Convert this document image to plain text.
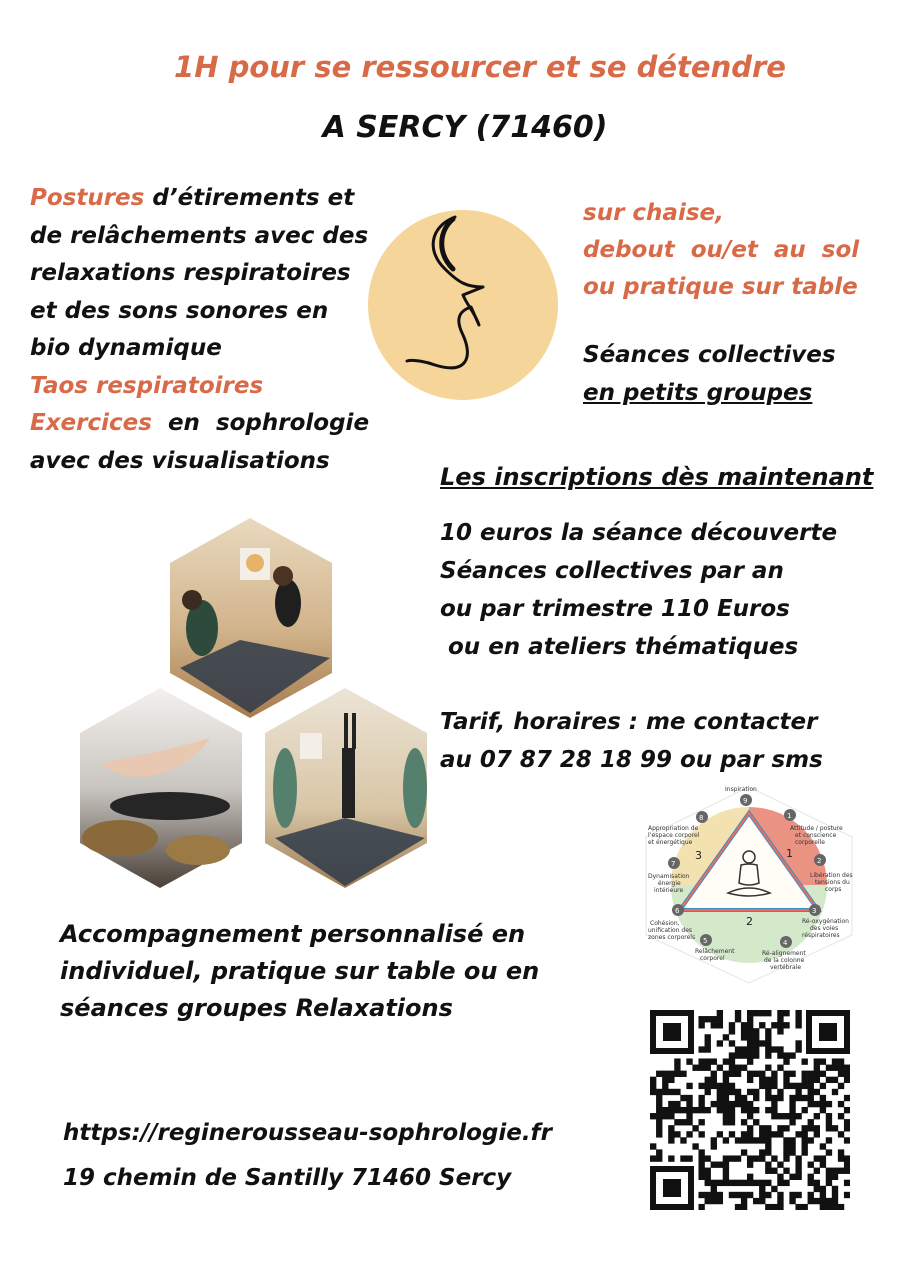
1H pour se ressourcer et se détendre
A SERCY (71460)
Postures d’étirements et
de relâchements avec des
relaxations respiratoires
et des sons sonores en
bio dynamique
Taos respiratoires
Exercices  en  sophrologie
avec des visualisations
sur chaise,
debout  ou/et  au  sol
ou pratique sur table
Séances collectives
en petits groupes
Les inscriptions dès maintenant
10 euros la séance découverte
Séances collectives par an
ou par trimestre 110 Euros
ou en ateliers thématiques
Tarif, horaires : me contacter
au 07 87 28 18 99 ou par sms
1
2
3
9
Inspiration
1
Attitude / posture
et conscience
corporelle
2
Libération des
tensions du
corps
3
Ré-oxygénation
des voies
réspiratoires
4
Ré-alignement
de la colonne
vertébrale
5
Relâchement
corporel
6
Cohésion,
unification des
zones corporels
7
Dynamisation
énergie
intérieure
8
Appropriation de
l’espace corporel
et énergétique
Accompagnement personnalisé en
individuel, pratique sur table ou en
séances groupes Relaxations
https://reginerousseau-sophrologie.fr
19 chemin de Santilly 71460 Sercy
